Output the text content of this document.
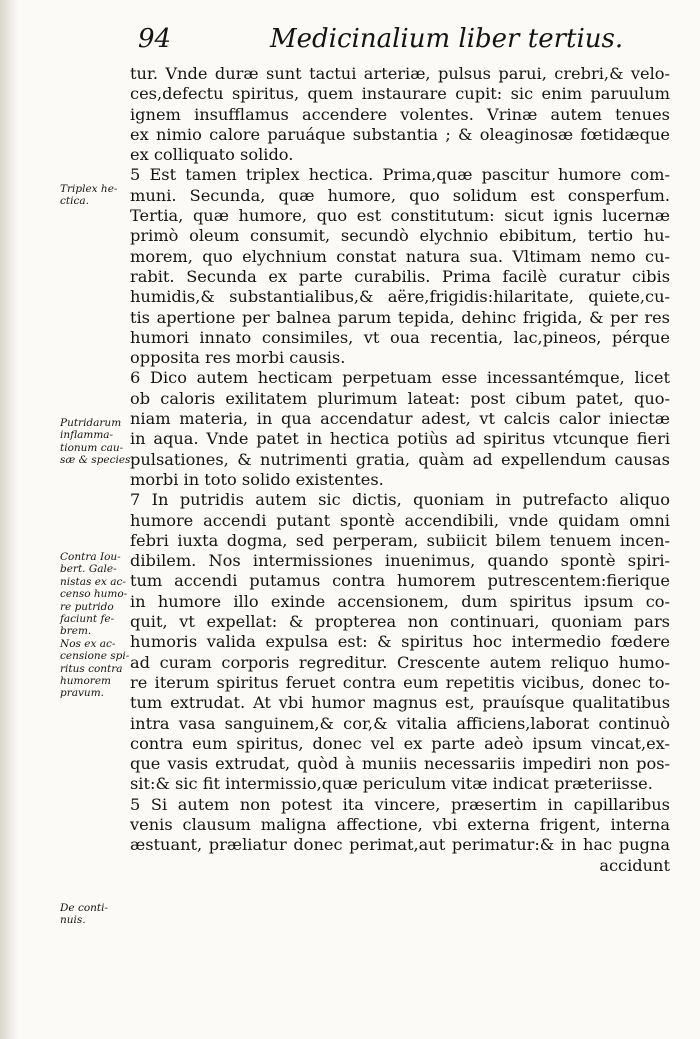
94	Medicinalium liber tertius.
Triplex he-
ctica.
Putridarum
inflamma-
tionum cau-
sæ & species.
Contra Iou-
bert. Gale-
nistas ex ac-
censo humo-
re putrido
faciunt fe-
brem.
Nos ex ac-
censione spi-
ritus contra
humorem
pravum.
De conti-
nuis.
tur. Vnde duræ sunt tactui arteriæ, pulsus parui, crebri,& velo-
ces,defectu spiritus, quem instaurare cupit: sic enim paruulum
ignem insufflamus accendere volentes. Vrinæ autem tenues
ex nimio calore paruáque substantia ; & oleaginosæ fœtidæque
ex colliquato solido.
5 Est tamen triplex hectica. Prima,quæ pascitur humore com-
muni. Secunda, quæ humore, quo solidum est consperfum.
Tertia, quæ humore, quo est constitutum: sicut ignis lucernæ
primò oleum consumit, secundò elychnio ebibitum, tertio hu-
morem, quo elychnium constat natura sua. Vltimam nemo cu-
rabit. Secunda ex parte curabilis. Prima facilè curatur cibis
humidis,& substantialibus,& aëre,frigidis:hilaritate, quiete,cu-
tis apertione per balnea parum tepida, dehinc frigida, & per res
humori innato consimiles, vt oua recentia, lac,pineos, pérque
opposita res morbi causis.
6 Dico autem hecticam perpetuam esse incessantémque, licet
ob caloris exilitatem plurimum lateat: post cibum patet, quo-
niam materia, in qua accendatur adest, vt calcis calor iniectæ
in aqua. Vnde patet in hectica potiùs ad spiritus vtcunque fieri
pulsationes, & nutrimenti gratia, quàm ad expellendum causas
morbi in toto solido existentes.
7 In putridis autem sic dictis, quoniam in putrefacto aliquo
humore accendi putant spontè accendibili, vnde quidam omni
febri iuxta dogma, sed perperam, subiicit bilem tenuem incen-
dibilem. Nos intermissiones inuenimus, quando spontè spiri-
tum accendi putamus contra humorem putrescentem:fierique
in humore illo exinde accensionem, dum spiritus ipsum co-
quit, vt expellat: & propterea non continuari, quoniam pars
humoris valida expulsa est: & spiritus hoc intermedio fœdere
ad curam corporis regreditur. Crescente autem reliquo humo-
re iterum spiritus feruet contra eum repetitis vicibus, donec to-
tum extrudat. At vbi humor magnus est, prauísque qualitatibus
intra vasa sanguinem,& cor,& vitalia afficiens,laborat continuò
contra eum spiritus, donec vel ex parte adeò ipsum vincat,ex-
que vasis extrudat, quòd à muniis necessariis impediri non pos-
sit:& sic fit intermissio,quæ periculum vitæ indicat præteriisse.
5 Si autem non potest ita vincere, præsertim in capillaribus
venis clausum maligna affectione, vbi externa frigent, interna
æstuant, præliatur donec perimat,aut perimatur:& in hac pugna
accidunt
